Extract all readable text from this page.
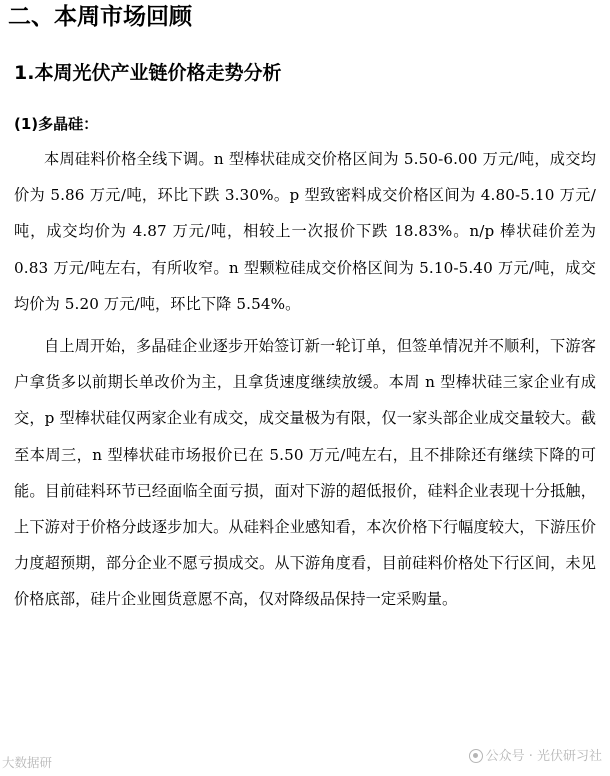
二、本周市场回顾
1.本周光伏产业链价格走势分析
(1)多晶硅：

本周硅料价格全线下调。n 型棒状硅成交价格区间为 5.50-6.00 万元/吨，成交均价为 5.86 万元/吨，环比下跌 3.30%。p 型致密料成交价格区间为 4.80-5.10 万元/吨，成交均价为 4.87 万元/吨，相较上一次报价下跌 18.83%。n/p 棒状硅价差为 0.83 万元/吨左右，有所收窄。n 型颗粒硅成交价格区间为 5.10-5.40 万元/吨，成交均价为 5.20 万元/吨，环比下降 5.54%。

自上周开始，多晶硅企业逐步开始签订新一轮订单，但签单情况并不顺利，下游客户拿货多以前期长单改价为主，且拿货速度继续放缓。本周 n 型棒状硅三家企业有成交，p 型棒状硅仅两家企业有成交，成交量极为有限，仅一家头部企业成交量较大。截至本周三，n 型棒状硅市场报价已在 5.50 万元/吨左右，且不排除还有继续下降的可能。目前硅料环节已经面临全面亏损，面对下游的超低报价，硅料企业表现十分抵触，上下游对于价格分歧逐步加大。从硅料企业感知看，本次价格下行幅度较大，下游压价力度超预期，部分企业不愿亏损成交。从下游角度看，目前硅料价格处下行区间，未见价格底部，硅片企业囤货意愿不高，仅对降级品保持一定采购量。

大数据研	公众号 · 光伏研习社
